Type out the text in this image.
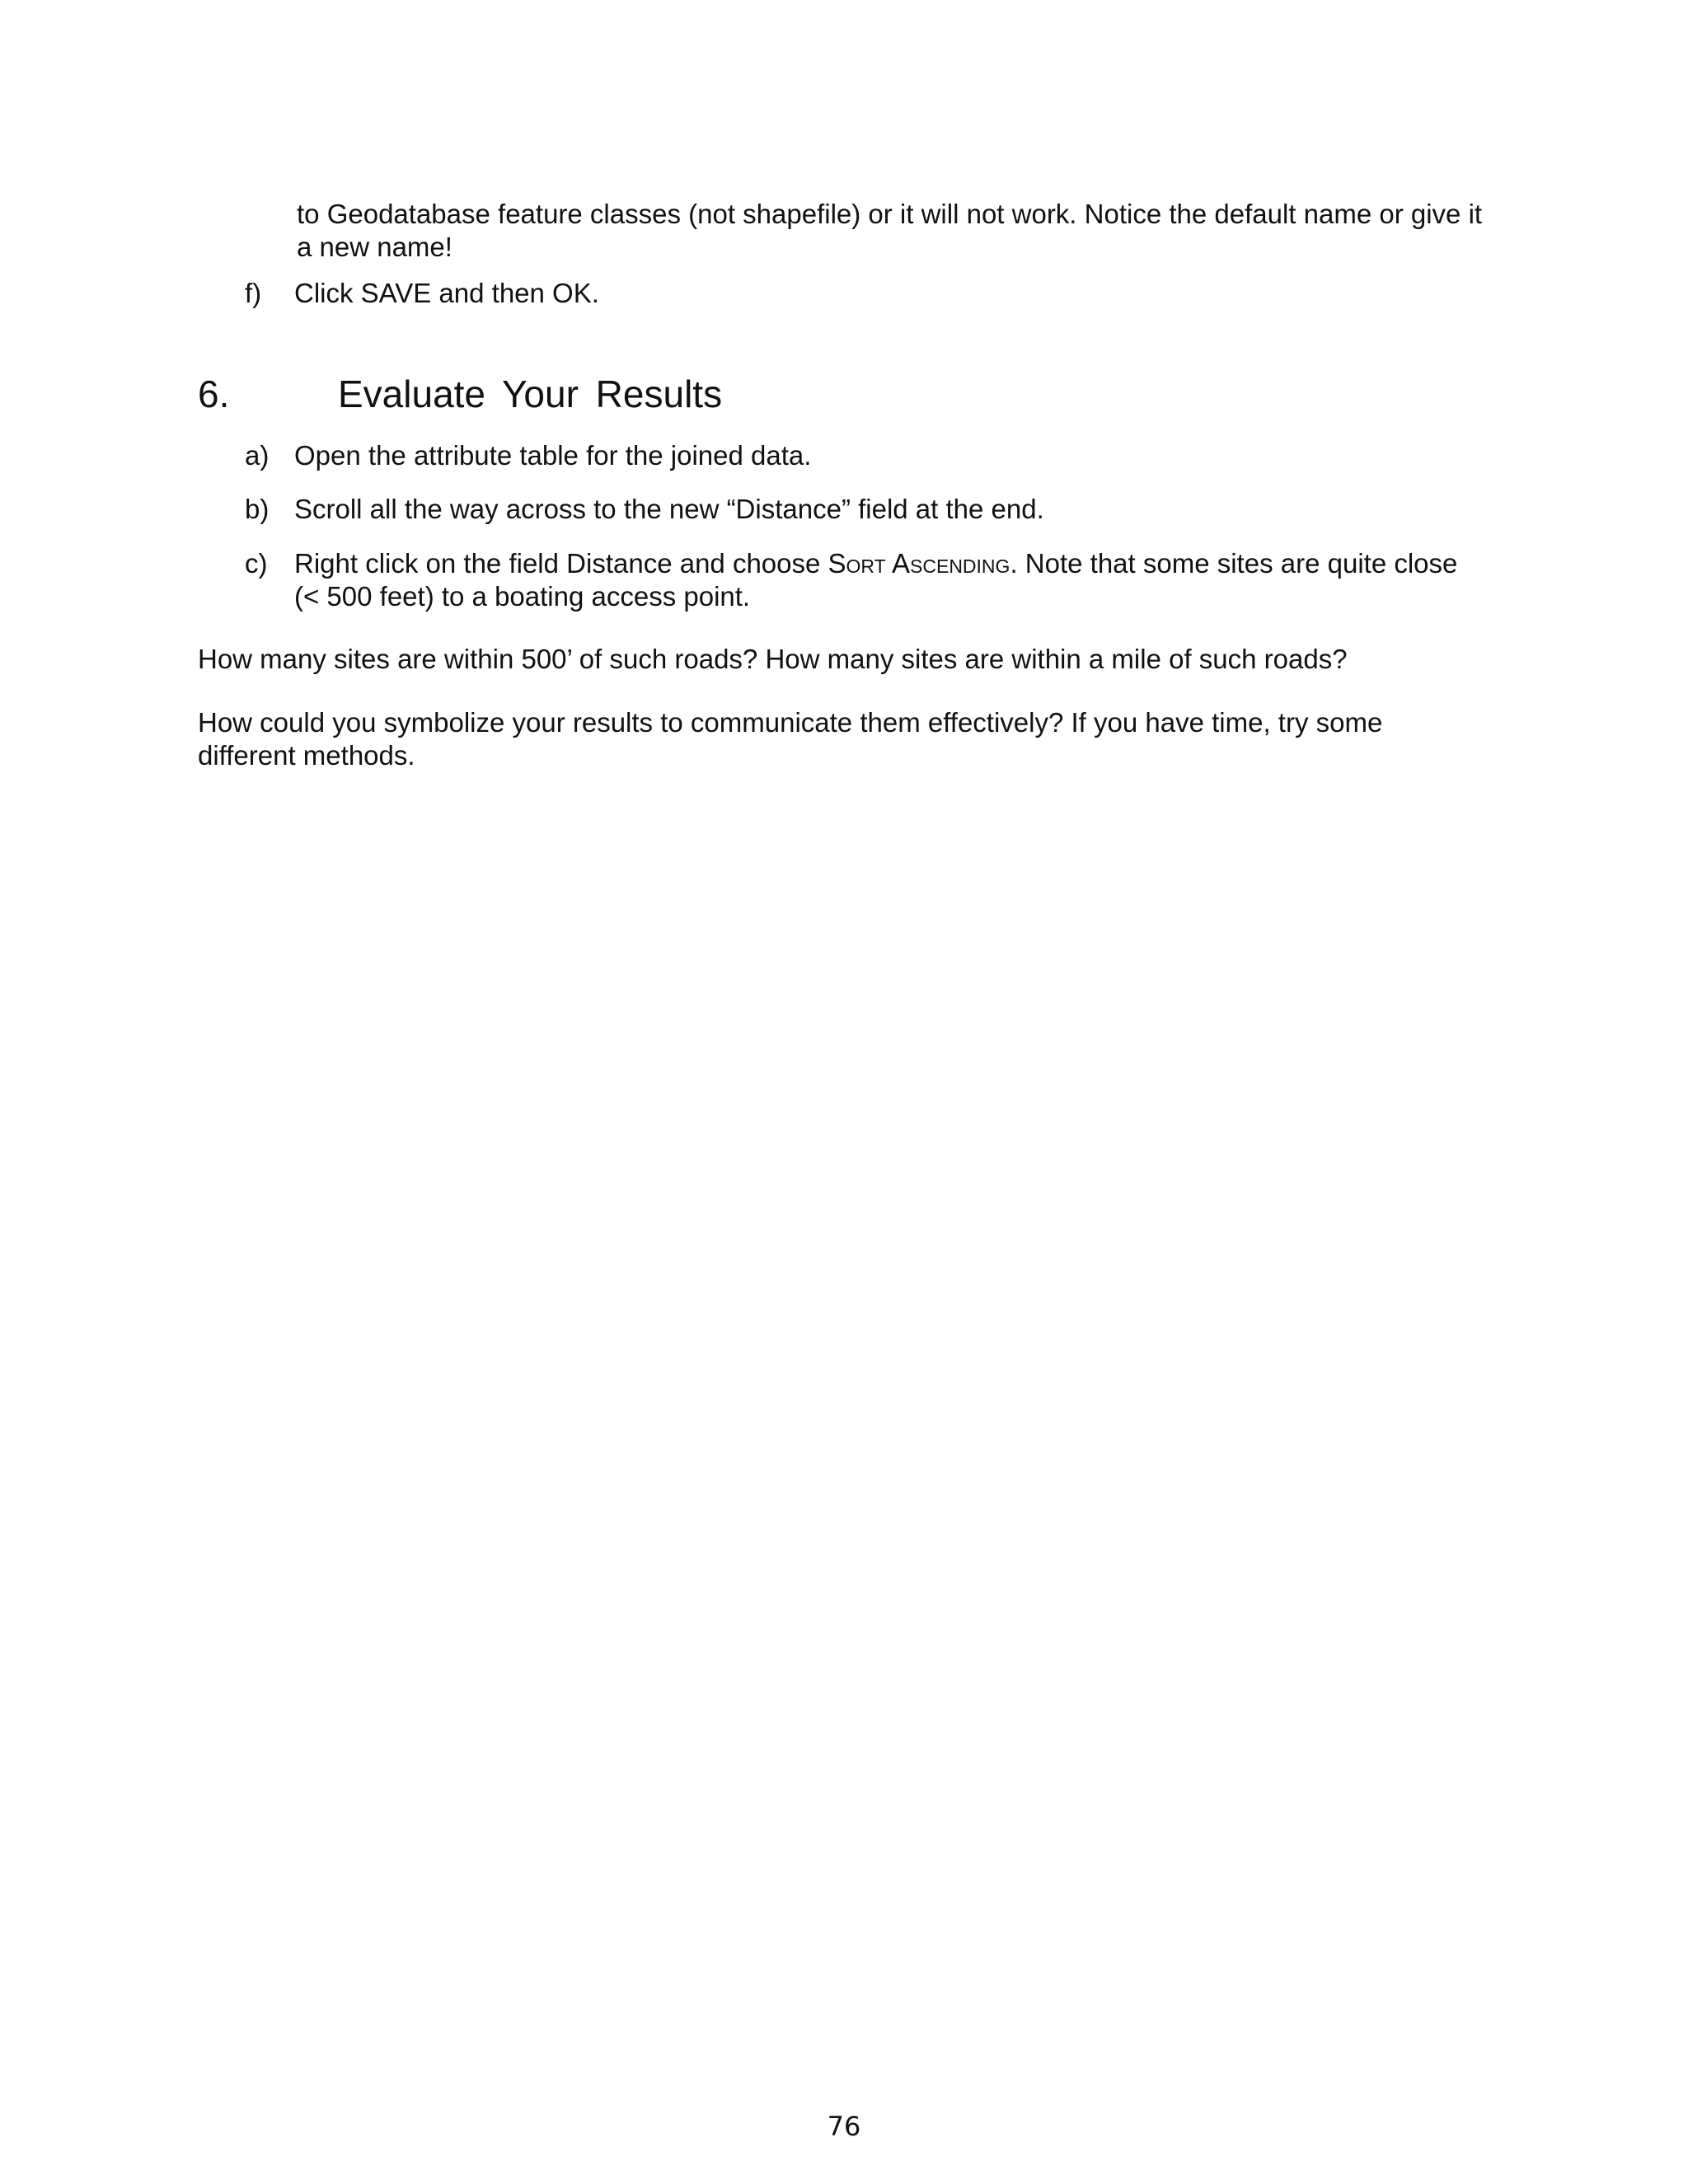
to Geodatabase feature classes (not shapefile) or it will not work. Notice the default name or give it a new name!
f)	Click SAVE and then OK.
6.	Evaluate Your Results
a) Open the attribute table for the joined data.
b) Scroll all the way across to the new “Distance” field at the end.
c) Right click on the field Distance and choose Sort Ascending. Note that some sites are quite close (< 500 feet) to a boating access point.
How many sites are within 500’ of such roads? How many sites are within a mile of such roads?
How could you symbolize your results to communicate them effectively? If you have time, try some different methods.
76
